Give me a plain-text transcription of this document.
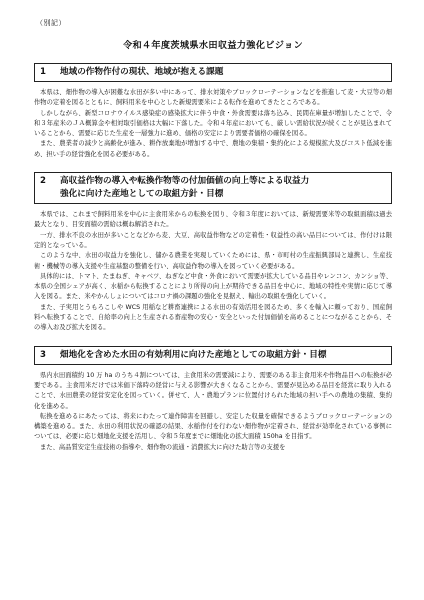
（別記）
令和４年度茨城県水田収益力強化ビジョン
1 地域の作物作付の現状、地域が抱える課題

本県は、畑作物の導入が困難な水田が多い中にあって、排水対策やブロックローテーションなどを推進して麦・大豆等の畑作物の定着を図るとともに、飼料用米を中心とした新規需要米による転作を進めてきたところである。

しかしながら、新型コロナウイルス感染症の感染拡大に伴う中食・外食需要は落ち込み、民間在庫量が増加したことで、令和３年産米のＪＡ概算金や相対取引価格は大幅に下落した。令和４年産においても、厳しい需給状況が続くことが見込まれていることから、需要に応じた生産を一層強力に進め、価格の安定により需要者価格の確保を図る。

また、農業者の減少と高齢化が進み、耕作放棄地が増加する中で、農地の集積・集約化による規模拡大及びコスト低減を進め、担い手の経営強化を図る必要がある。

2 高収益作物の導入や転換作物等の付加価値の向上等による収益力
強化に向けた産地としての取組方針・目標

本県では、これまで飼料用米を中心に主食用米からの転換を図り、令和３年度においては、新規需要米等の取組面積は過去最大となり、目安面積の需給は概ね解消された。

一方、排水不良の水田が多いことなどから麦、大豆、高収益作物などの定着性・収益性の高い品目については、作付けは限定的となっている。

このような中、水田の収益力を強化し、儲かる農業を実現していくためには、県・市町村の生産振興部局と連携し、生産技術・機械等の導入支援や生産基盤の整備を行い、高収益作物の導入を図っていく必要がある。

具体的には、トマト、たまねぎ、キャベツ、ねぎなど中食・外食において需要が拡大している品目やレンコン、カンショ等、本県の全国シェアが高く、水稲から転換することにより所得の向上が期待できる品目を中心に、地域の特性や実情に応じて導入を図る。また、米やかんしょについてはコロナ禍の課題の強化を見据え、輸出の取組を強化していく。

また、子実用とうもろこしや WCS 用稲など耕畜連携による水田の有効活用を図るため、多くを輸入に頼っており、国産飼料へ転換することで、自給率の向上と生産される畜産物の安心・安全といった付加価値を高めることにつながることから、その導入お及び拡大を図る。

3 畑地化を含めた水田の有効利用に向けた産地としての取組方針・目標

県内水田面積約 10 万 ha のうち４割については、主食用米の需要減により、需要のある非主食用米や作物品目への転換が必要である。主食用米だけでは米価下落時の経営に与える影響が大きくなることから、需要が見込める品目を経営に取り入れることで、水田農業の経営安定化を図っていく。併せて、人・農地プランに位置付けられた地域の担い手への農地の集積、集約化を進める。

転換を進めるにあたっては、将来にわたって連作障害を回避し、安定した収量を確保できるようブロックローテーションの構築を進める。また、水田の利用状況の確認の結果、水稲作付を行わない畑作物が定着され、経営が効率化されている事例については、必要に応じ畑地化支援を活用し、令和５年度までに畑地化の拡大面積 150ha を目指す。

また、高品質安定生産技術の指導や、畑作物の流通・消費拡大に向けた助言等の支援を
